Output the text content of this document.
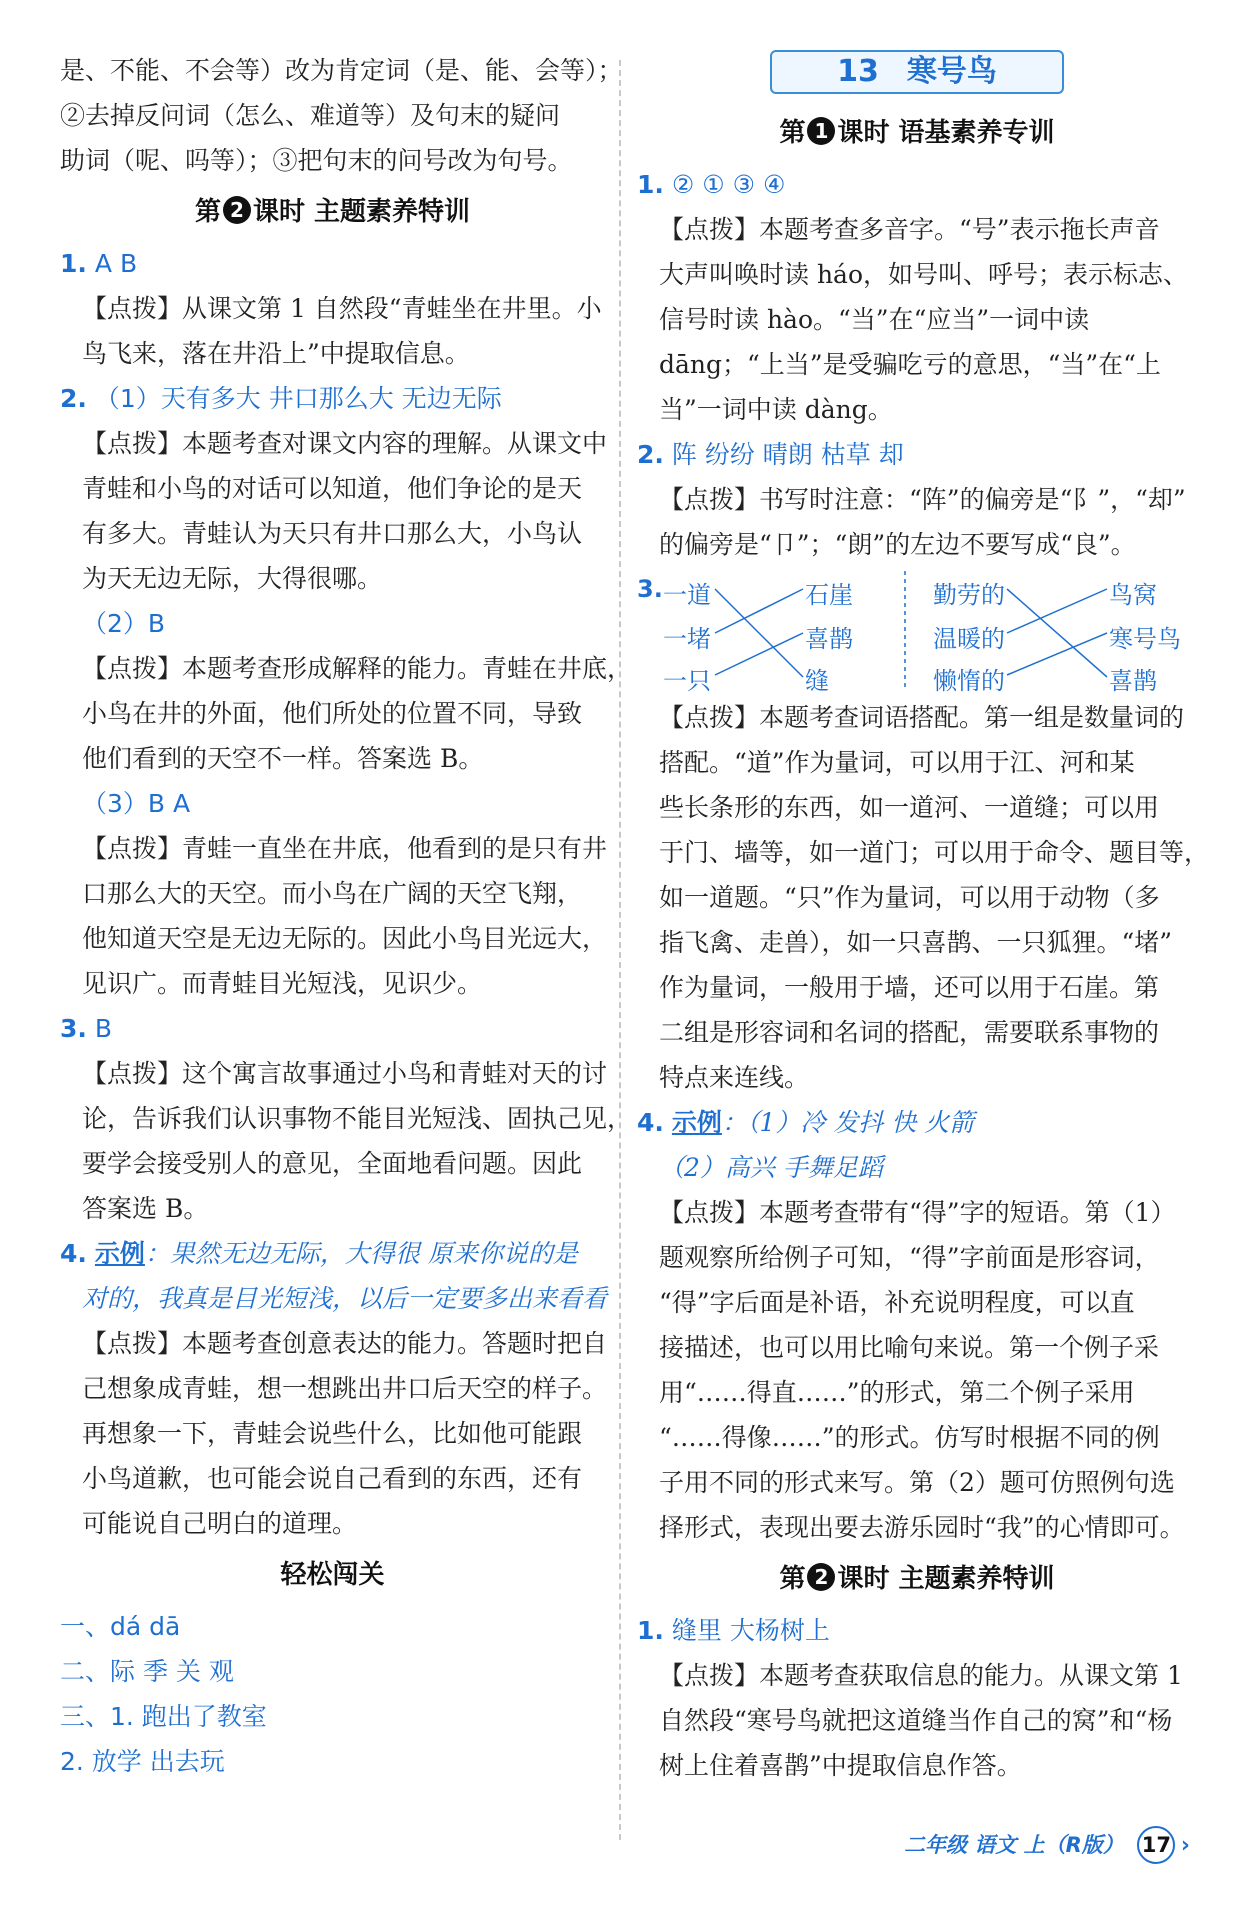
是、不能、不会等）改为肯定词（是、能、会等）；
②去掉反问词（怎么、难道等）及句末的疑问
助词（呢、吗等）；③把句末的问号改为句号。
第 2 课时 主题素养特训
1. A B
【点拨】从课文第 1 自然段“青蛙坐在井里。小
鸟飞来，落在井沿上”中提取信息。
2. （1）天有多大 井口那么大 无边无际
【点拨】本题考查对课文内容的理解。从课文中
青蛙和小鸟的对话可以知道，他们争论的是天
有多大。青蛙认为天只有井口那么大，小鸟认
为天无边无际，大得很哪。
（2）B
【点拨】本题考查形成解释的能力。青蛙在井底，
小鸟在井的外面，他们所处的位置不同，导致
他们看到的天空不一样。答案选 B。
（3）B A
【点拨】青蛙一直坐在井底，他看到的是只有井
口那么大的天空。而小鸟在广阔的天空飞翔，
他知道天空是无边无际的。因此小鸟目光远大，
见识广。而青蛙目光短浅，见识少。
3. B
【点拨】这个寓言故事通过小鸟和青蛙对天的讨
论，告诉我们认识事物不能目光短浅、固执己见，
要学会接受别人的意见，全面地看问题。因此
答案选 B。
4. 示例：果然无边无际，大得很 原来你说的是
对的，我真是目光短浅，以后一定要多出来看看
【点拨】本题考查创意表达的能力。答题时把自
己想象成青蛙，想一想跳出井口后天空的样子。
再想象一下，青蛙会说些什么，比如他可能跟
小鸟道歉，也可能会说自己看到的东西，还有
可能说自己明白的道理。
轻松闯关
一、dá dā
二、际 季 关 观
三、1. 跑出了教室
2. 放学 出去玩
13 寒号鸟
第 1 课时 语基素养专训
1. ② ① ③ ④
【点拨】本题考查多音字。“号”表示拖长声音
大声叫唤时读 háo，如号叫、呼号；表示标志、
信号时读 hào。“当”在“应当”一词中读
dāng；“上当”是受骗吃亏的意思，“当”在“上
当”一词中读 dàng。
2. 阵 纷纷 晴朗 枯草 却
【点拨】书写时注意：“阵”的偏旁是“阝”，“却”
的偏旁是“卩”；“朗”的左边不要写成“良”。
3. 一道
一堵
一只
石崖
喜鹊
缝
勤劳的
温暖的
懒惰的
鸟窝
寒号鸟
喜鹊
【点拨】本题考查词语搭配。第一组是数量词的
搭配。“道”作为量词，可以用于江、河和某
些长条形的东西，如一道河、一道缝；可以用
于门、墙等，如一道门；可以用于命令、题目等，
如一道题。“只”作为量词，可以用于动物（多
指飞禽、走兽），如一只喜鹊、一只狐狸。“堵”
作为量词，一般用于墙，还可以用于石崖。第
二组是形容词和名词的搭配，需要联系事物的
特点来连线。
4. 示例：（1）冷 发抖 快 火箭
（2）高兴 手舞足蹈
【点拨】本题考查带有“得”字的短语。第（1）
题观察所给例子可知，“得”字前面是形容词，
“得”字后面是补语，补充说明程度，可以直
接描述，也可以用比喻句来说。第一个例子采
用“……得直……”的形式，第二个例子采用
“……得像……”的形式。仿写时根据不同的例
子用不同的形式来写。第（2）题可仿照例句选
择形式，表现出要去游乐园时“我”的心情即可。
第 2 课时 主题素养特训
1. 缝里 大杨树上
【点拨】本题考查获取信息的能力。从课文第 1
自然段“寒号鸟就把这道缝当作自己的窝”和“杨
树上住着喜鹊”中提取信息作答。
二年级 语文 上（R版） 17 ›
